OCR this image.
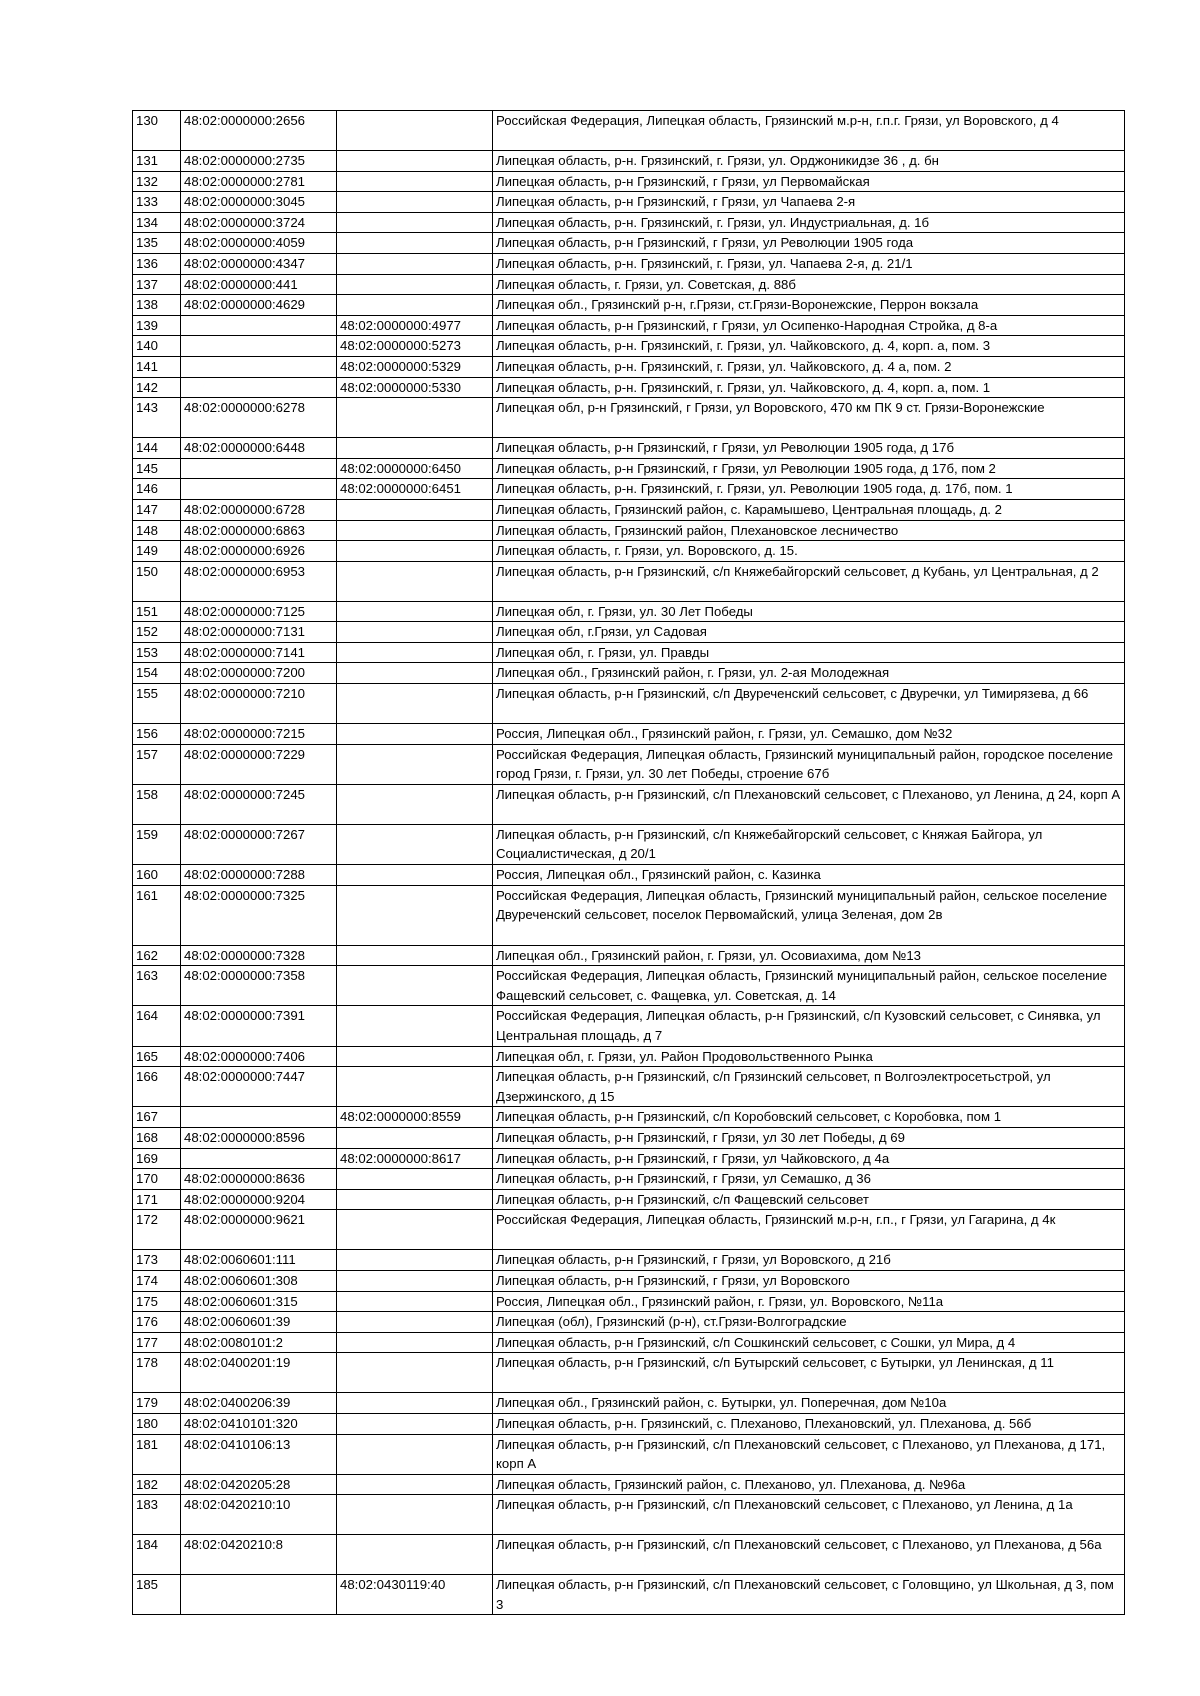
130	48:02:0000000:2656		Российская Федерация, Липецкая область, Грязинский м.р-н, г.п.г. Грязи, ул Воровского, д 4
131	48:02:0000000:2735		Липецкая область, р-н. Грязинский, г. Грязи, ул. Орджоникидзе 36 , д. бн
132	48:02:0000000:2781		Липецкая область, р-н Грязинский, г Грязи, ул Первомайская
133	48:02:0000000:3045		Липецкая область, р-н Грязинский, г Грязи, ул Чапаева 2-я
134	48:02:0000000:3724		Липецкая область, р-н. Грязинский, г. Грязи, ул. Индустриальная, д. 1б
135	48:02:0000000:4059		Липецкая область, р-н Грязинский, г Грязи, ул Революции 1905 года
136	48:02:0000000:4347		Липецкая область, р-н. Грязинский, г. Грязи, ул. Чапаева 2-я, д. 21/1
137	48:02:0000000:441		Липецкая область, г. Грязи, ул. Советская, д. 88б
138	48:02:0000000:4629		Липецкая обл., Грязинский р-н, г.Грязи, ст.Грязи-Воронежские, Перрон вокзала
139		48:02:0000000:4977	Липецкая область, р-н Грязинский, г Грязи, ул Осипенко-Народная Стройка, д 8-а
140		48:02:0000000:5273	Липецкая область, р-н. Грязинский, г. Грязи, ул. Чайковского, д. 4, корп. а, пом. 3
141		48:02:0000000:5329	Липецкая область, р-н. Грязинский, г. Грязи, ул. Чайковского, д. 4 а, пом. 2
142		48:02:0000000:5330	Липецкая область, р-н. Грязинский, г. Грязи, ул. Чайковского, д. 4, корп. а, пом. 1
143	48:02:0000000:6278		Липецкая обл, р-н Грязинский, г Грязи, ул Воровского, 470 км ПК 9 ст. Грязи-Воронежские
144	48:02:0000000:6448		Липецкая область, р-н Грязинский, г Грязи, ул Революции 1905 года, д 17б
145		48:02:0000000:6450	Липецкая область, р-н Грязинский, г Грязи, ул Революции 1905 года, д 17б, пом 2
146		48:02:0000000:6451	Липецкая область, р-н. Грязинский, г. Грязи, ул. Революции 1905 года, д. 17б, пом. 1
147	48:02:0000000:6728		Липецкая область, Грязинский район, с. Карамышево, Центральная площадь, д. 2
148	48:02:0000000:6863		Липецкая область, Грязинский район, Плехановское лесничество
149	48:02:0000000:6926		Липецкая область, г. Грязи, ул. Воровского, д. 15.
150	48:02:0000000:6953		Липецкая область, р-н Грязинский, с/п Княжебайгорский сельсовет, д Кубань, ул Центральная, д 2
151	48:02:0000000:7125		Липецкая обл, г. Грязи, ул. 30 Лет Победы
152	48:02:0000000:7131		Липецкая обл, г.Грязи, ул Садовая
153	48:02:0000000:7141		Липецкая обл, г. Грязи, ул. Правды
154	48:02:0000000:7200		Липецкая обл., Грязинский район, г. Грязи, ул. 2-ая Молодежная
155	48:02:0000000:7210		Липецкая область, р-н Грязинский, с/п Двуреченский сельсовет, с Двуречки, ул Тимирязева, д 66
156	48:02:0000000:7215		Россия, Липецкая обл., Грязинский район, г. Грязи, ул. Семашко, дом №32
157	48:02:0000000:7229		Российская Федерация, Липецкая область, Грязинский муниципальный район, городское поселение город Грязи, г. Грязи, ул. 30 лет Победы, строение 67б
158	48:02:0000000:7245		Липецкая область, р-н Грязинский, с/п Плехановский сельсовет, с Плеханово, ул Ленина, д 24, корп А
159	48:02:0000000:7267		Липецкая область, р-н Грязинский, с/п Княжебайгорский сельсовет, с Княжая Байгора, ул Социалистическая, д 20/1
160	48:02:0000000:7288		Россия, Липецкая обл., Грязинский район, с. Казинка
161	48:02:0000000:7325		Российская Федерация, Липецкая область, Грязинский муниципальный район, сельское поселение Двуреченский сельсовет, поселок Первомайский, улица Зеленая, дом 2в
162	48:02:0000000:7328		Липецкая обл., Грязинский район, г. Грязи, ул. Осовиахима, дом №13
163	48:02:0000000:7358		Российская Федерация, Липецкая область, Грязинский муниципальный район, сельское поселение Фащевский сельсовет, с. Фащевка, ул. Советская, д. 14
164	48:02:0000000:7391		Российская Федерация, Липецкая область, р-н Грязинский, с/п Кузовский сельсовет, с Синявка, ул Центральная площадь, д 7
165	48:02:0000000:7406		Липецкая обл, г. Грязи, ул. Район Продовольственного Рынка
166	48:02:0000000:7447		Липецкая область, р-н Грязинский, с/п Грязинский сельсовет, п Волгоэлектросетьстрой, ул Дзержинского, д 15
167		48:02:0000000:8559	Липецкая область, р-н Грязинский, с/п Коробовский сельсовет, с Коробовка, пом 1
168	48:02:0000000:8596		Липецкая область, р-н Грязинский, г Грязи, ул 30 лет Победы, д 69
169		48:02:0000000:8617	Липецкая область, р-н Грязинский, г Грязи, ул Чайковского, д 4а
170	48:02:0000000:8636		Липецкая область, р-н Грязинский, г Грязи, ул Семашко, д 36
171	48:02:0000000:9204		Липецкая область, р-н Грязинский, с/п Фащевский сельсовет
172	48:02:0000000:9621		Российская Федерация, Липецкая область, Грязинский м.р-н, г.п., г Грязи, ул Гагарина, д 4к
173	48:02:0060601:111		Липецкая область, р-н Грязинский, г Грязи, ул Воровского, д 21б
174	48:02:0060601:308		Липецкая область, р-н Грязинский, г Грязи, ул Воровского
175	48:02:0060601:315		Россия, Липецкая обл., Грязинский район, г. Грязи, ул. Воровского, №11а
176	48:02:0060601:39		Липецкая (обл), Грязинский (р-н), ст.Грязи-Волгоградские
177	48:02:0080101:2		Липецкая область, р-н Грязинский, с/п Сошкинский сельсовет, с Сошки, ул Мира, д 4
178	48:02:0400201:19		Липецкая область, р-н Грязинский, с/п Бутырский сельсовет, с Бутырки, ул Ленинская, д 11
179	48:02:0400206:39		Липецкая обл., Грязинский район, с. Бутырки, ул. Поперечная, дом №10а
180	48:02:0410101:320		Липецкая область, р-н. Грязинский, с. Плеханово, Плехановский, ул. Плеханова, д. 56б
181	48:02:0410106:13		Липецкая область, р-н Грязинский, с/п Плехановский сельсовет, с Плеханово, ул Плеханова, д 171, корп А
182	48:02:0420205:28		Липецкая область, Грязинский район, с. Плеханово, ул. Плеханова, д. №96а
183	48:02:0420210:10		Липецкая область, р-н Грязинский, с/п Плехановский сельсовет, с Плеханово, ул Ленина, д 1а
184	48:02:0420210:8		Липецкая область, р-н Грязинский, с/п Плехановский сельсовет, с Плеханово, ул Плеханова, д 56а
185		48:02:0430119:40	Липецкая область, р-н Грязинский, с/п Плехановский сельсовет, с Головщино, ул Школьная, д 3, пом 3
